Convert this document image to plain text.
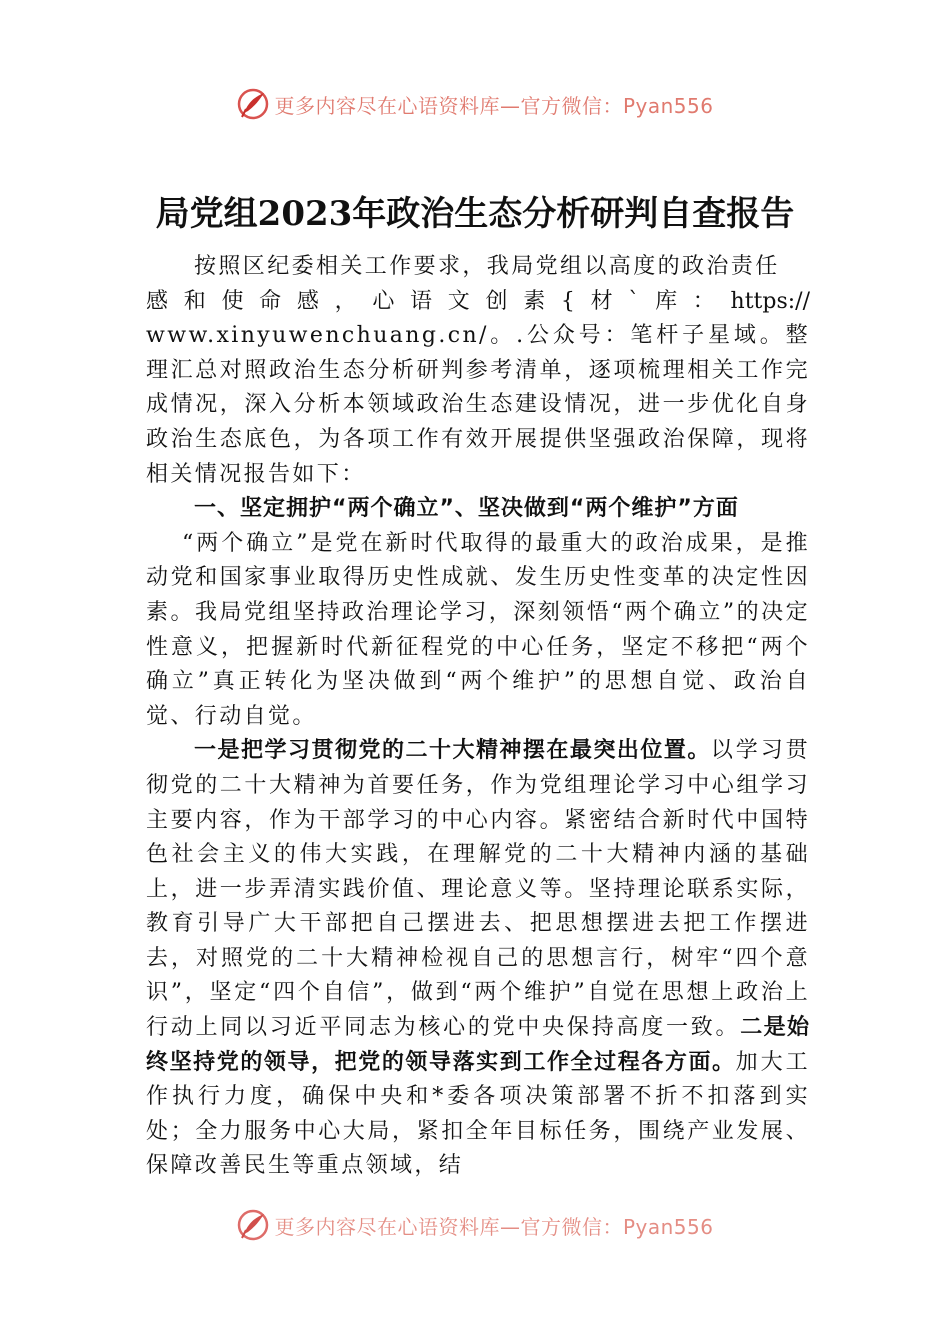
更多内容尽在心语资料库—官方微信：Pyan556
局党组2023年政治生态分析研判自查报告

按照区纪委相关工作要求，我局党组以高度的政治责任

感和使命感，心语文创素{材`库：https://

www.xinyuwenchuang.cn/。.公众号：笔杆子星域。整理汇总对照政治生态分析研判参考清单，逐项梳理相关工作完成情况，深入分析本领域政治生态建设情况，进一步优化自身政治生态底色，为各项工作有效开展提供坚强政治保障，现将相关情况报告如下：

一、坚定拥护“两个确立”、坚决做到“两个维护”方面

“两个确立”是党在新时代取得的最重大的政治成果，是推动党和国家事业取得历史性成就、发生历史性变革的决定性因素。我局党组坚持政治理论学习，深刻领悟“两个确立”的决定性意义，把握新时代新征程党的中心任务，坚定不移把“两个确立”真正转化为坚决做到“两个维护”的思想自觉、政治自觉、行动自觉。

一是把学习贯彻党的二十大精神摆在最突出位置。以学习贯彻党的二十大精神为首要任务，作为党组理论学习中心组学习主要内容，作为干部学习的中心内容。紧密结合新时代中国特色社会主义的伟大实践，在理解党的二十大精神内涵的基础上，进一步弄清实践价值、理论意义等。坚持理论联系实际，教育引导广大干部把自己摆进去、把思想摆进去把工作摆进去，对照党的二十大精神检视自己的思想言行，树牢“四个意识”，坚定“四个自信”，做到“两个维护”自觉在思想上政治上行动上同以习近平同志为核心的党中央保持高度一致。二是始终坚持党的领导，把党的领导落实到工作全过程各方面。加大工作执行力度，确保中央和*委各项决策部署不折不扣落到实处；全力服务中心大局，紧扣全年目标任务，围绕产业发展、保障改善民生等重点领域，结

更多内容尽在心语资料库—官方微信：Pyan556
